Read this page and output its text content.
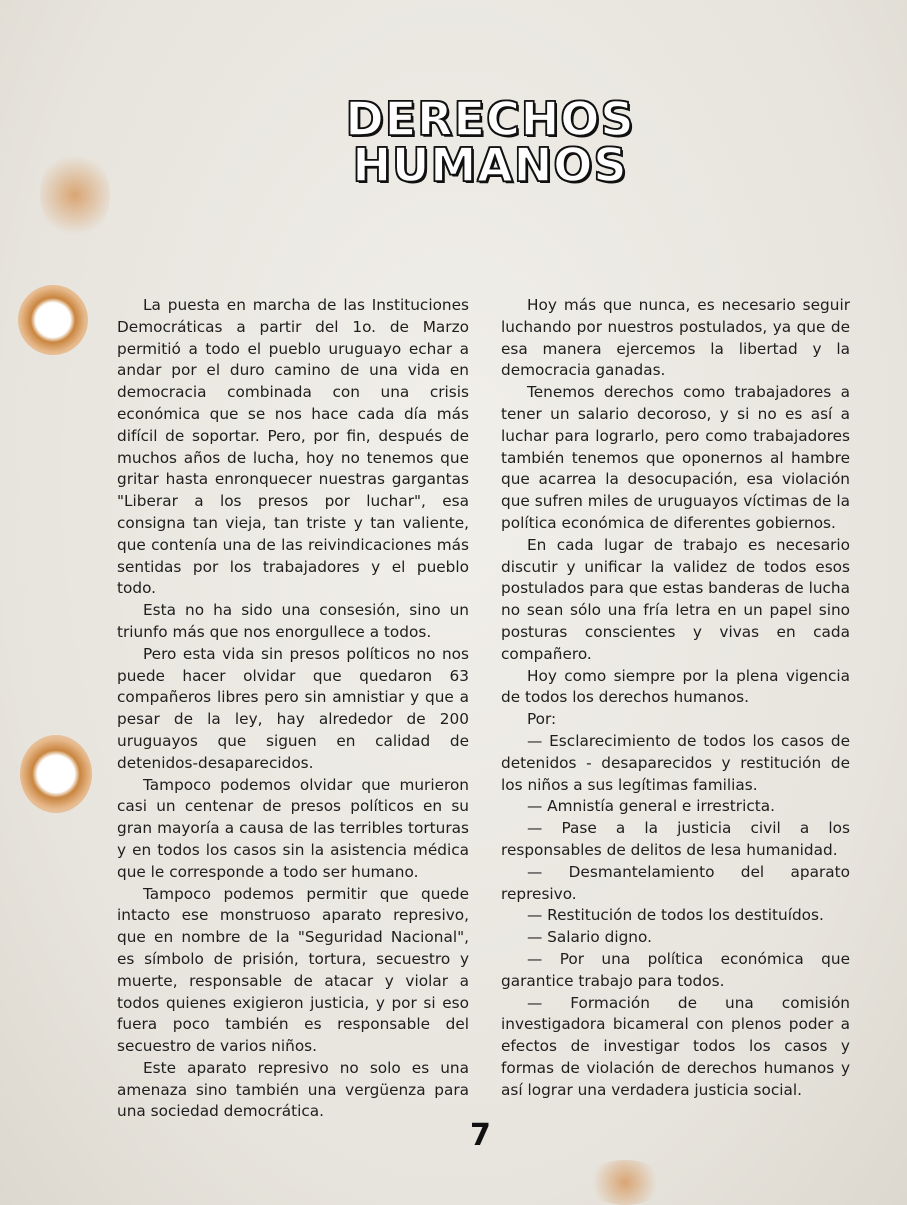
DERECHOS
HUMANOS

La puesta en marcha de las Instituciones Democráticas a partir del 1o. de Marzo permitió a todo el pueblo uruguayo echar a andar por el duro camino de una vida en democracia combinada con una crisis económica que se nos hace cada día más difícil de soportar. Pero, por fin, después de muchos años de lucha, hoy no tenemos que gritar hasta enronquecer nuestras gargantas "Liberar a los presos por luchar", esa consigna tan vieja, tan triste y tan valiente, que contenía una de las reivindicaciones más sentidas por los trabajadores y el pueblo todo.

Esta no ha sido una consesión, sino un triunfo más que nos enorgullece a todos.

Pero esta vida sin presos políticos no nos puede hacer olvidar que quedaron 63 compañeros libres pero sin amnistiar y que a pesar de la ley, hay alrededor de 200 uruguayos que siguen en calidad de detenidos-desaparecidos.

Tampoco podemos olvidar que murieron casi un centenar de presos políticos en su gran mayoría a causa de las terribles torturas y en todos los casos sin la asistencia médica que le corresponde a todo ser humano.

Tampoco podemos permitir que quede intacto ese monstruoso aparato represivo, que en nombre de la "Seguridad Nacional", es símbolo de prisión, tortura, secuestro y muerte, responsable de atacar y violar a todos quienes exigieron justicia, y por si eso fuera poco también es responsable del secuestro de varios niños.

Este aparato represivo no solo es una amenaza sino también una vergüenza para una sociedad democrática.

Hoy más que nunca, es necesario seguir luchando por nuestros postulados, ya que de esa manera ejercemos la libertad y la democracia ganadas.

Tenemos derechos como trabajadores a tener un salario decoroso, y si no es así a luchar para lograrlo, pero como trabajadores también tenemos que oponernos al hambre que acarrea la desocupación, esa violación que sufren miles de uruguayos víctimas de la política económica de diferentes gobiernos.

En cada lugar de trabajo es necesario discutir y unificar la validez de todos esos postulados para que estas banderas de lucha no sean sólo una fría letra en un papel sino posturas conscientes y vivas en cada compañero.

Hoy como siempre por la plena vigencia de todos los derechos humanos.

Por:

— Esclarecimiento de todos los casos de detenidos - desaparecidos y restitución de los niños a sus legítimas familias.

— Amnistía general e irrestricta.

— Pase a la justicia civil a los responsables de delitos de lesa humanidad.

— Desmantelamiento del aparato represivo.

— Restitución de todos los destituídos.

— Salario digno.

— Por una política económica que garantice trabajo para todos.

— Formación de una comisión investigadora bicameral con plenos poder a efectos de investigar todos los casos y formas de violación de derechos humanos y así lograr una verdadera justicia social.

7
